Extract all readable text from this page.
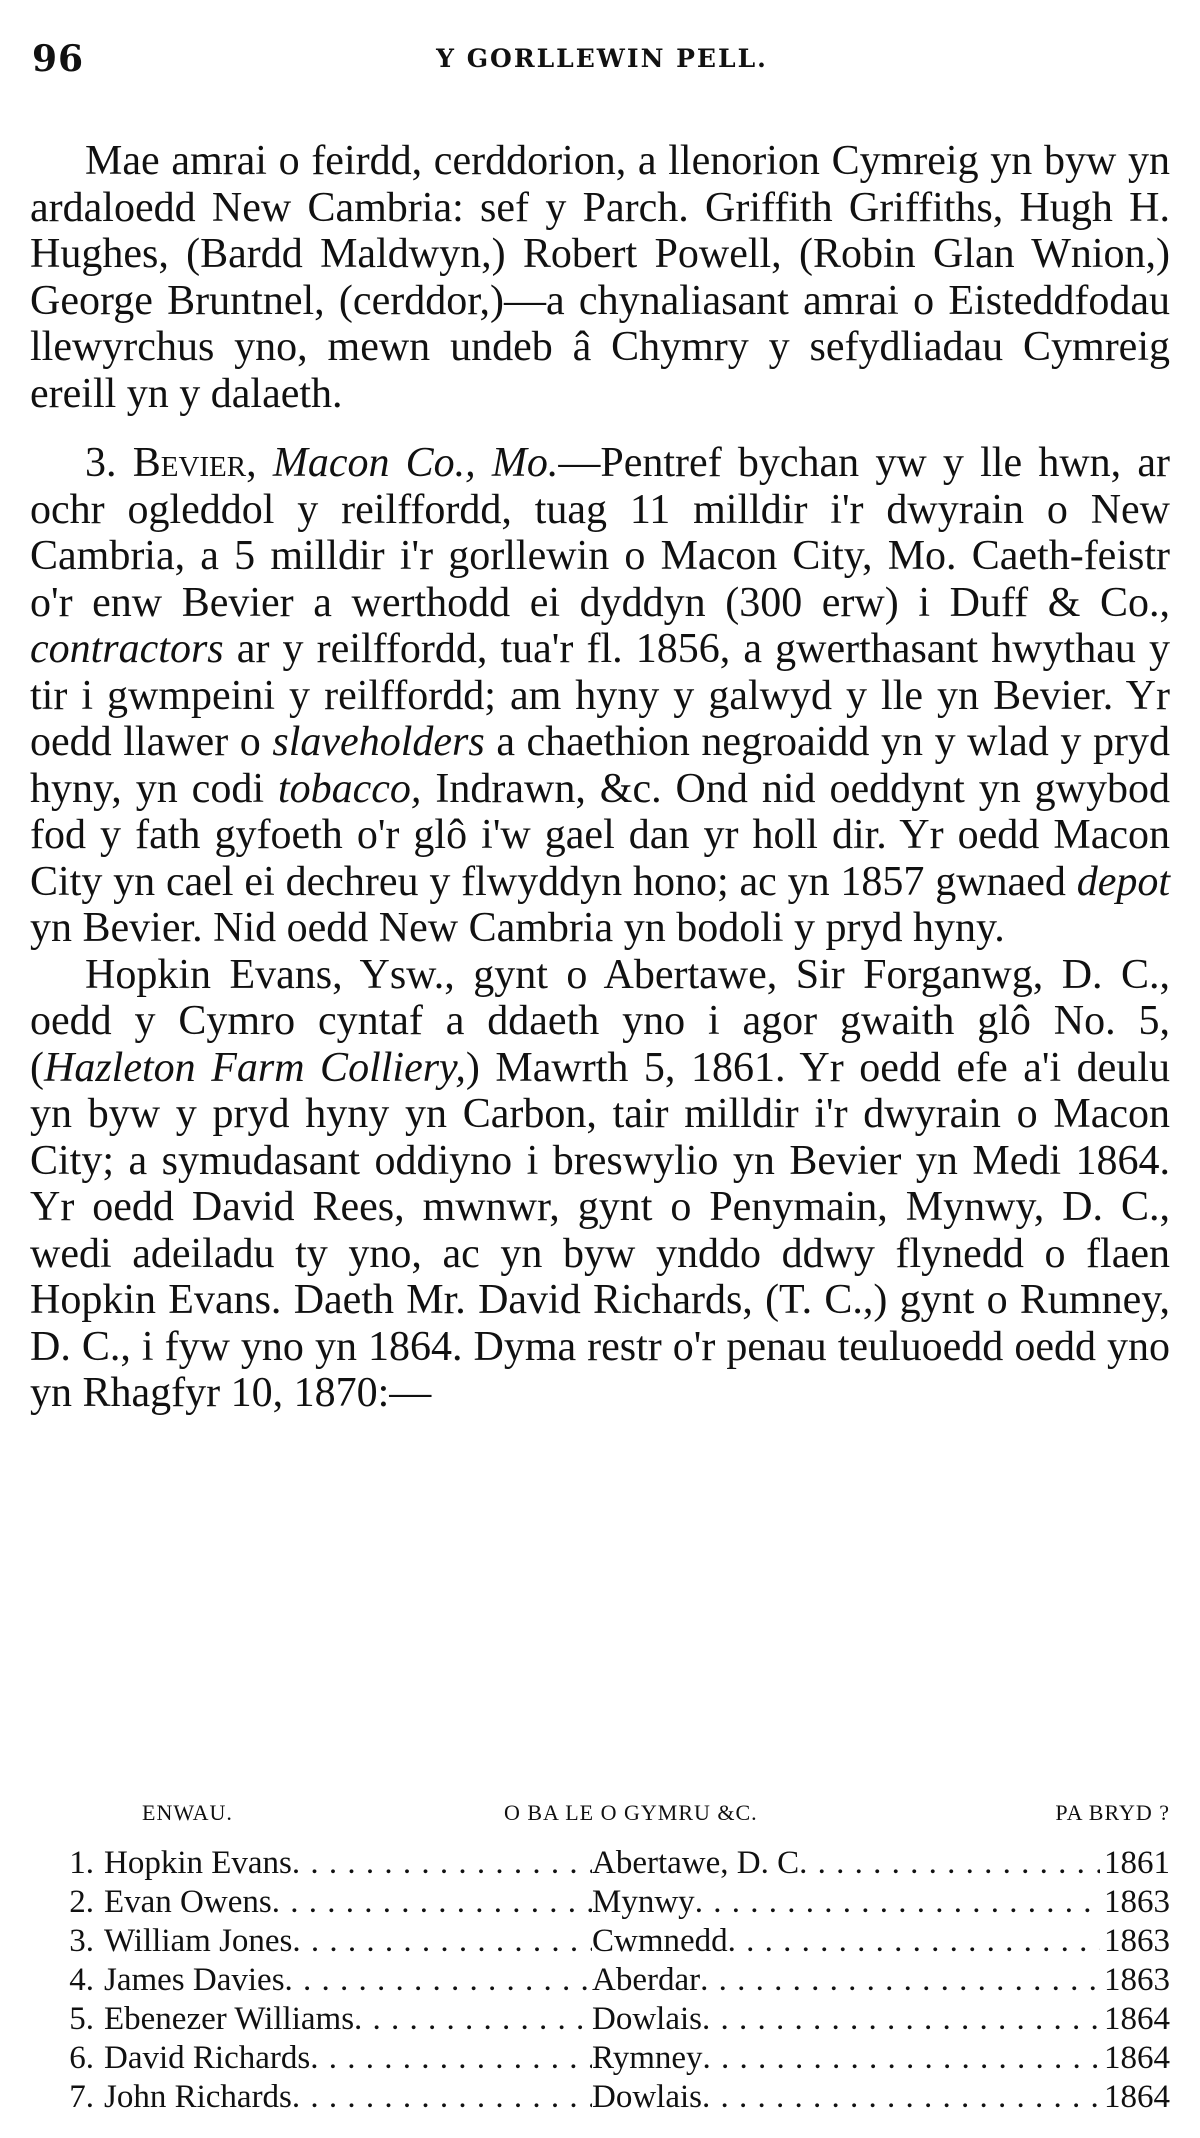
96	Y GORLLEWIN PELL.

Mae amrai o feirdd, cerddorion, a llenorion Cymreig yn byw yn ardaloedd New Cambria: sef y Parch. Griffith Griffiths, Hugh H. Hughes, (Bardd Maldwyn,) Robert Powell, (Robin Glan Wnion,) George Bruntnel, (cerddor,)—a chynaliasant amrai o Eisteddfodau llewyrchus yno, mewn undeb â Chymry y sefydliadau Cymreig ereill yn y dalaeth.

3. Bevier, Macon Co., Mo.—Pentref bychan yw y lle hwn, ar ochr ogleddol y reilffordd, tuag 11 milldir i'r dwyrain o New Cambria, a 5 milldir i'r gorllewin o Macon City, Mo. Caeth-feistr o'r enw Bevier a werthodd ei dyddyn (300 erw) i Duff & Co., contractors ar y reilffordd, tua'r fl. 1856, a gwerthasant hwythau y tir i gwmpeini y reilffordd; am hyny y galwyd y lle yn Bevier. Yr oedd llawer o slaveholders a chaethion negroaidd yn y wlad y pryd hyny, yn codi tobacco, Indrawn, &c. Ond nid oeddynt yn gwybod fod y fath gyfoeth o'r glô i'w gael dan yr holl dir. Yr oedd Macon City yn cael ei dechreu y flwyddyn hono; ac yn 1857 gwnaed depot yn Bevier. Nid oedd New Cambria yn bodoli y pryd hyny.

Hopkin Evans, Ysw., gynt o Abertawe, Sir Forganwg, D. C., oedd y Cymro cyntaf a ddaeth yno i agor gwaith glô No. 5, (Hazleton Farm Colliery,) Mawrth 5, 1861. Yr oedd efe a'i deulu yn byw y pryd hyny yn Carbon, tair milldir i'r dwyrain o Macon City; a symudasant oddiyno i breswylio yn Bevier yn Medi 1864. Yr oedd David Rees, mwnwr, gynt o Penymain, Mynwy, D. C., wedi adeiladu ty yno, ac yn byw ynddo ddwy flynedd o flaen Hopkin Evans. Daeth Mr. David Richards, (T. C.,) gynt o Rumney, D. C., i fyw yno yn 1864. Dyma restr o'r penau teuluoedd oedd yno yn Rhagfyr 10, 1870:—

ENWAU.	O BA LE O GYMRU &C.	PA BRYD ?
1. Hopkin Evans . . .	Abertawe, D. C . . .	1861
2. Evan Owens . . .	Mynwy . . .	1863
3. William Jones . . .	Cwmnedd . . .	1863
4. James Davies . . .	Aberdar . . .	1863
5. Ebenezer Williams . . .	Dowlais . . .	1864
6. David Richards . . .	Rymney . . .	1864
7. John Richards . . .	Dowlais . . .	1864
